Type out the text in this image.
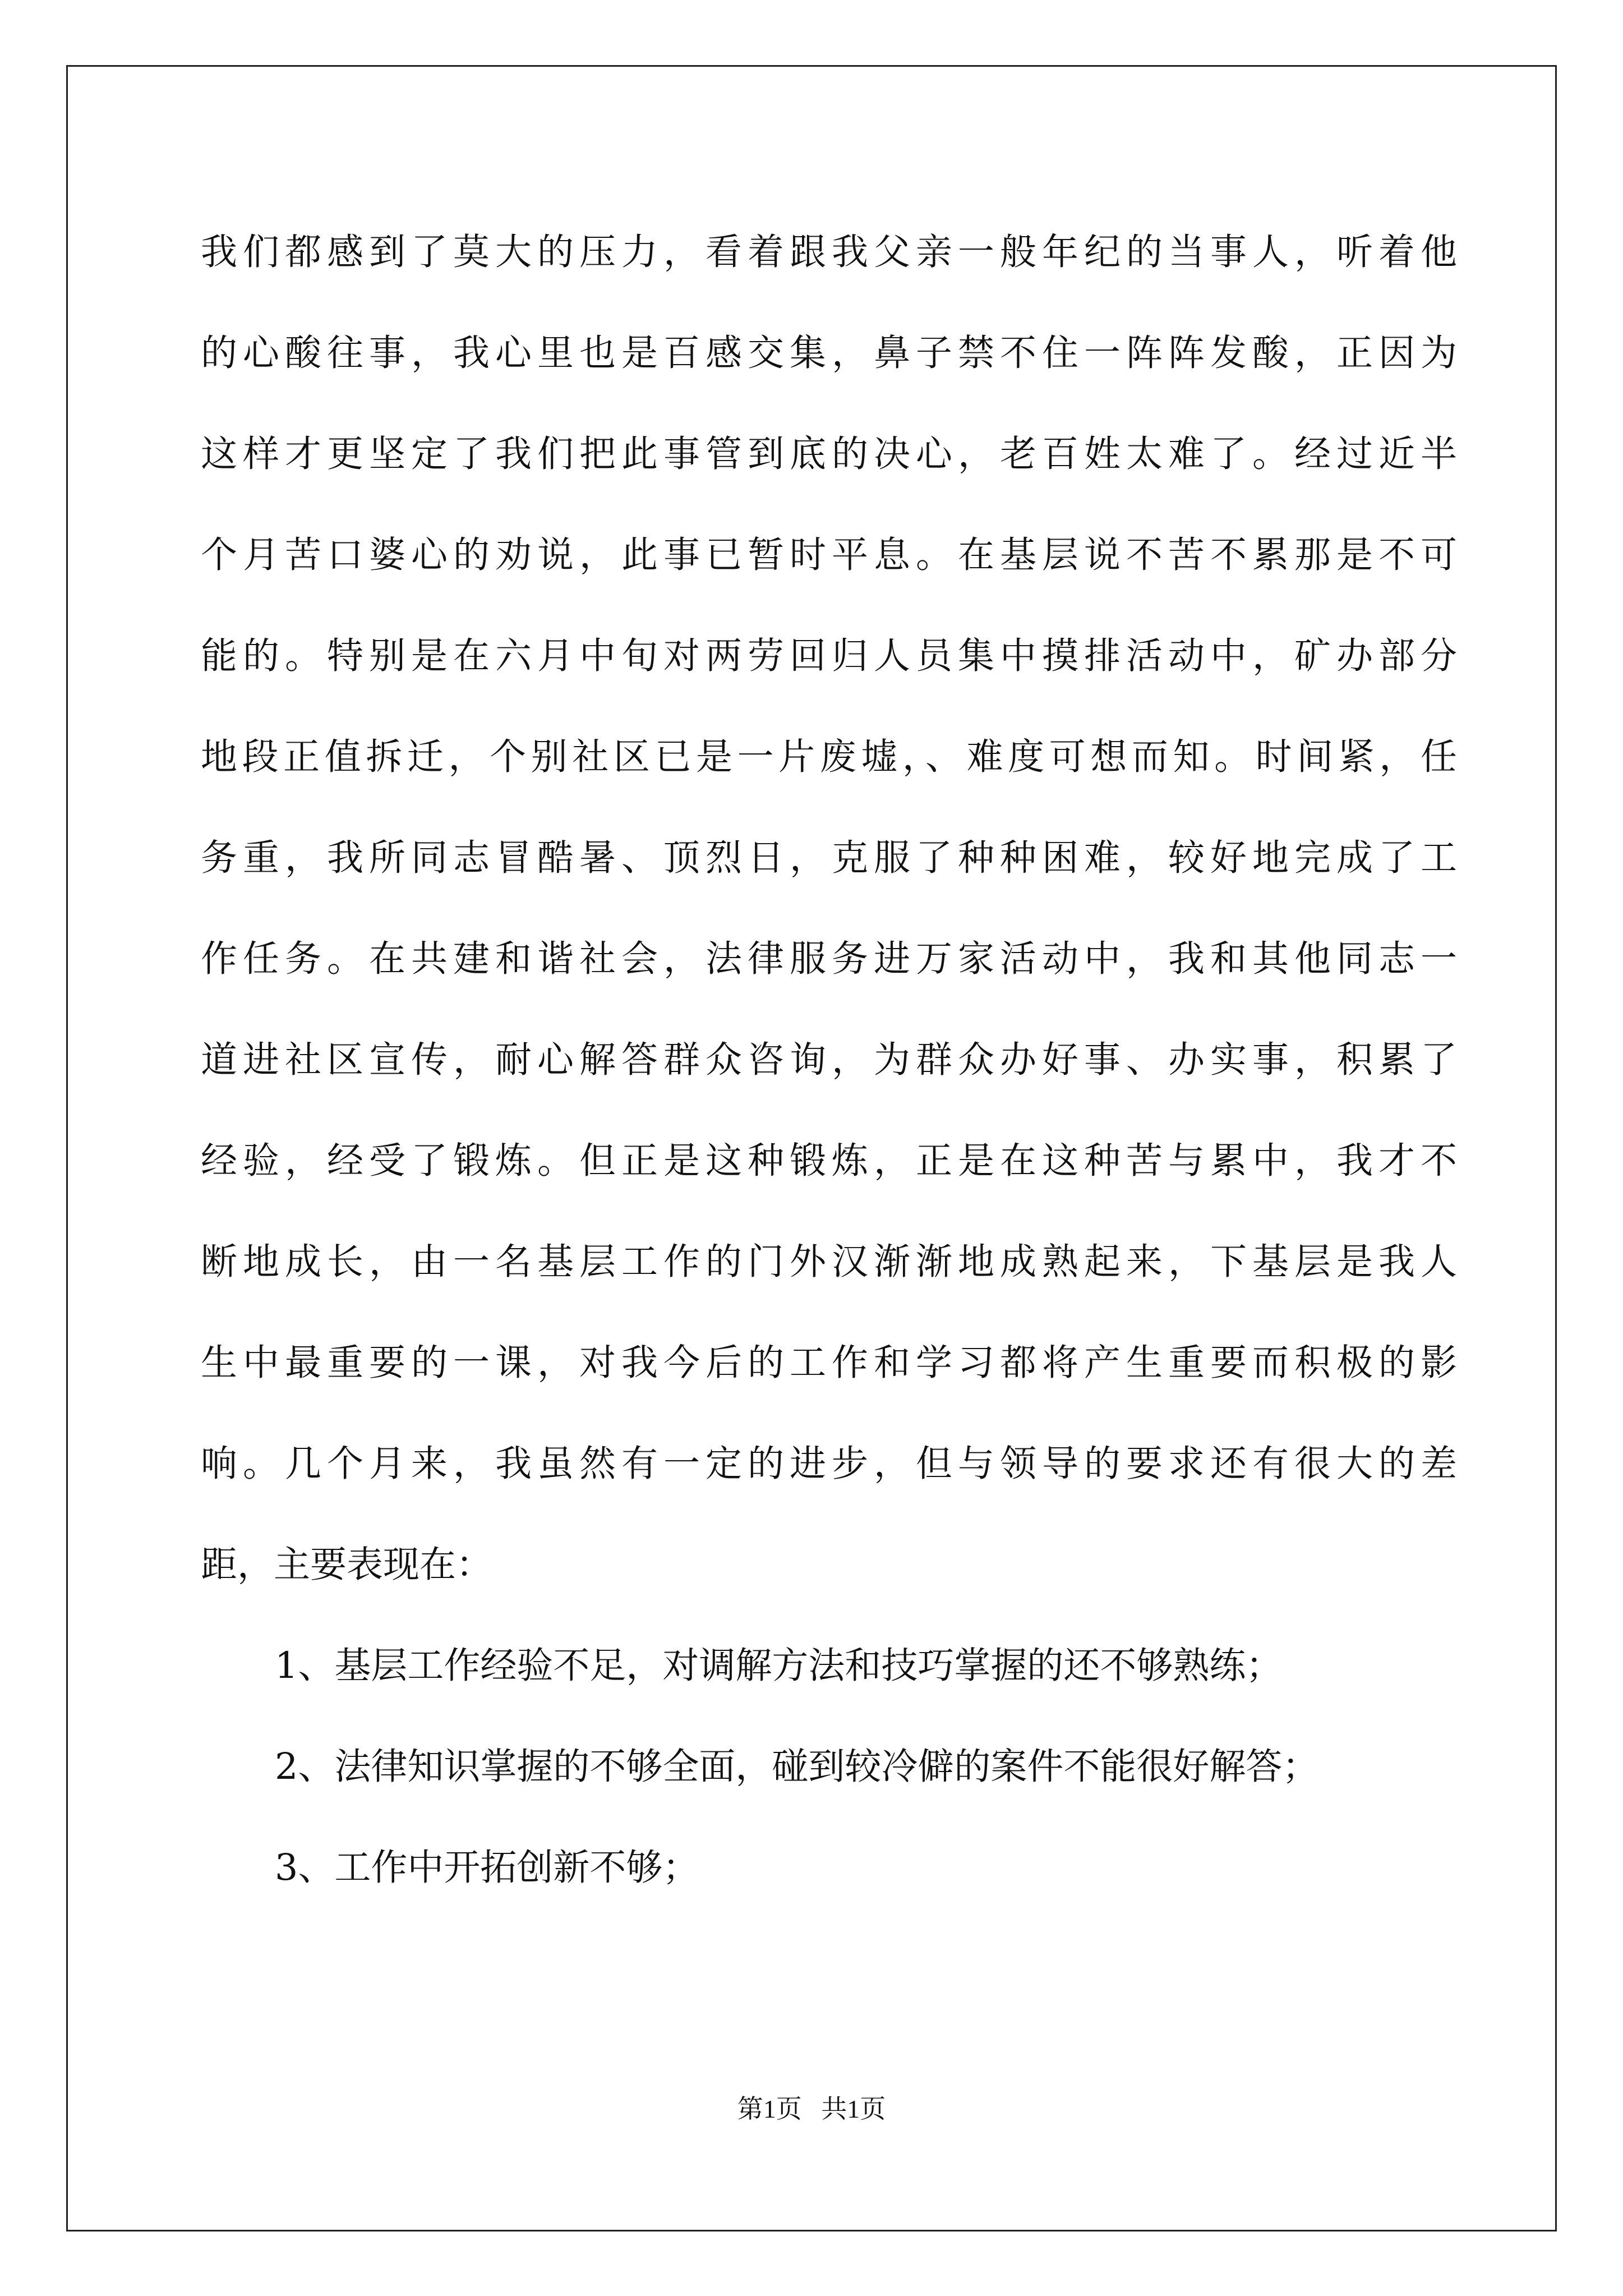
我们都感到了莫大的压力，看着跟我父亲一般年纪的当事人，听着他
的心酸往事，我心里也是百感交集，鼻子禁不住一阵阵发酸，正因为
这样才更坚定了我们把此事管到底的决心，老百姓太难了。经过近半
个月苦口婆心的劝说，此事已暂时平息。在基层说不苦不累那是不可
能的。特别是在六月中旬对两劳回归人员集中摸排活动中，矿办部分
地段正值拆迁，个别社区已是一片废墟，、难度可想而知。时间紧，任
务重，我所同志冒酷暑、顶烈日，克服了种种困难，较好地完成了工
作任务。在共建和谐社会，法律服务进万家活动中，我和其他同志一
道进社区宣传，耐心解答群众咨询，为群众办好事、办实事，积累了
经验，经受了锻炼。但正是这种锻炼，正是在这种苦与累中，我才不
断地成长，由一名基层工作的门外汉渐渐地成熟起来，下基层是我人
生中最重要的一课，对我今后的工作和学习都将产生重要而积极的影
响。几个月来，我虽然有一定的进步，但与领导的要求还有很大的差
距，主要表现在：
1、基层工作经验不足，对调解方法和技巧掌握的还不够熟练；
2、法律知识掌握的不够全面，碰到较冷僻的案件不能很好解答；
3、工作中开拓创新不够；
第1页   共1页
